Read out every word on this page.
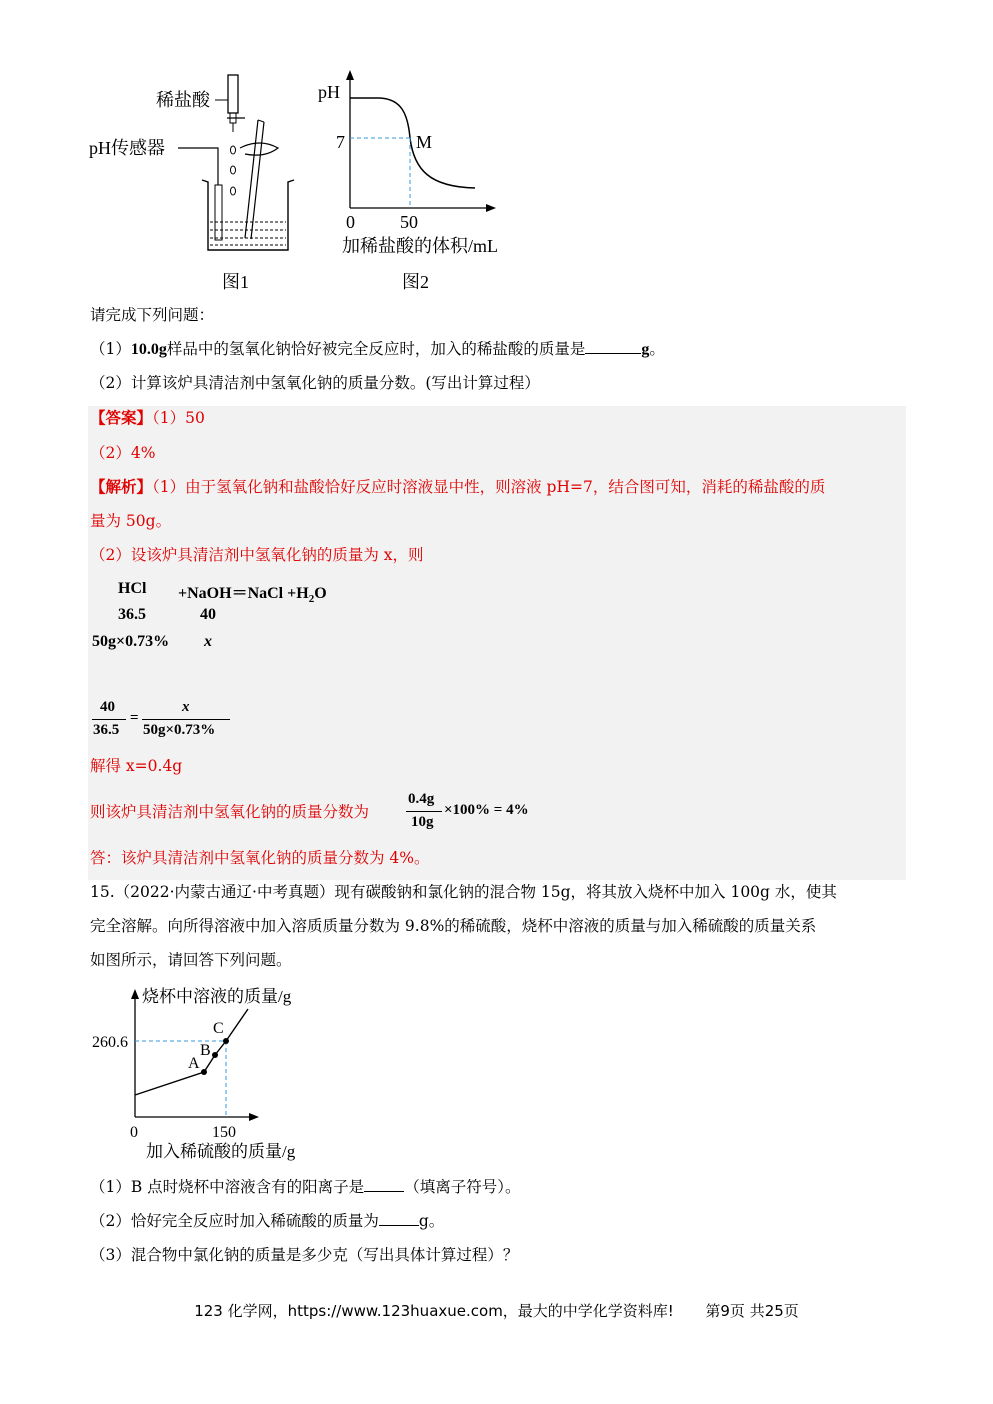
稀盐酸
pH传感器
图1
pH
7	M
0	50
加稀盐酸的体积/mL
图2
请完成下列问题：
（1）10.0g样品中的氢氧化钠恰好被完全反应时，加入的稀盐酸的质量是	g。
（2）计算该炉具清洁剂中氢氧化钠的质量分数。(写出计算过程）
【答案】（1）50
（2）4%
【解析】（1）由于氢氧化钠和盐酸恰好反应时溶液显中性，则溶液 pH=7，结合图可知，消耗的稀盐酸的质
量为 50g。
（2）设该炉具清洁剂中氢氧化钠的质量为 x，则
HCl +NaOH＝NaCl $+H_2O$
36.5	40
50g×0.73% x
40
36.5
=
x
50g×0.73%
解得 x=0.4g
则该炉具清洁剂中氢氧化钠的质量分数为
0.4g
10g
×100% = 4%
答：该炉具清洁剂中氢氧化钠的质量分数为 4%。
15.（2022·内蒙古通辽·中考真题）现有碳酸钠和氯化钠的混合物 15g，将其放入烧杯中加入 100g 水，使其
完全溶解。向所得溶液中加入溶质质量分数为 9.8%的稀硫酸，烧杯中溶液的质量与加入稀硫酸的质量关系
如图所示，请回答下列问题。
烧杯中溶液的质量/g
A
B
C
260.6
0	150
加入稀硫酸的质量/g
（1）B 点时烧杯中溶液含有的阳离子是	（填离子符号）。
（2）恰好完全反应时加入稀硫酸的质量为	g。
（3）混合物中氯化钠的质量是多少克（写出具体计算过程）？
123 化学网，https://www.123huaxue.com，最大的中学化学资料库! 第9页 共25页
